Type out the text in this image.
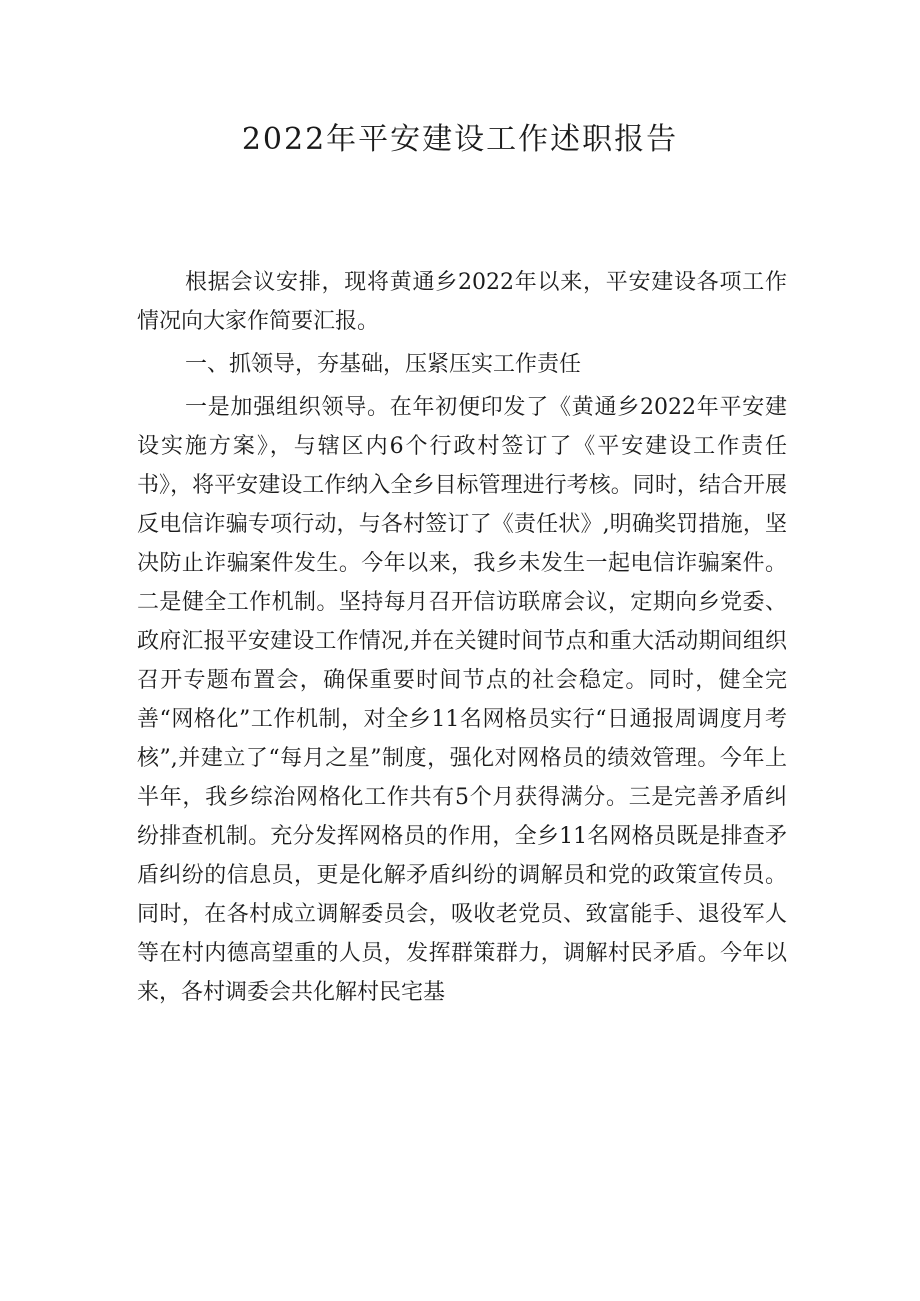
2022年平安建设工作述职报告

根据会议安排，现将黄通乡2022年以来，平安建设各项工作情况向大家作简要汇报。

一、抓领导，夯基础，压紧压实工作责任

一是加强组织领导。在年初便印发了《黄通乡2022年平安建设实施方案》，与辖区内6个行政村签订了《平安建设工作责任书》，将平安建设工作纳入全乡目标管理进行考核。同时，结合开展反电信诈骗专项行动，与各村签订了《责任状》,明确奖罚措施，坚决防止诈骗案件发生。今年以来，我乡未发生一起电信诈骗案件。二是健全工作机制。坚持每月召开信访联席会议，定期向乡党委、政府汇报平安建设工作情况,并在关键时间节点和重大活动期间组织召开专题布置会，确保重要时间节点的社会稳定。同时，健全完善“网格化”工作机制，对全乡11名网格员实行“日通报周调度月考核”,并建立了“每月之星”制度，强化对网格员的绩效管理。今年上半年，我乡综治网格化工作共有5个月获得满分。三是完善矛盾纠纷排查机制。充分发挥网格员的作用，全乡11名网格员既是排查矛盾纠纷的信息员，更是化解矛盾纠纷的调解员和党的政策宣传员。同时，在各村成立调解委员会，吸收老党员、致富能手、退役军人等在村内德高望重的人员，发挥群策群力，调解村民矛盾。今年以来，各村调委会共化解村民宅基
